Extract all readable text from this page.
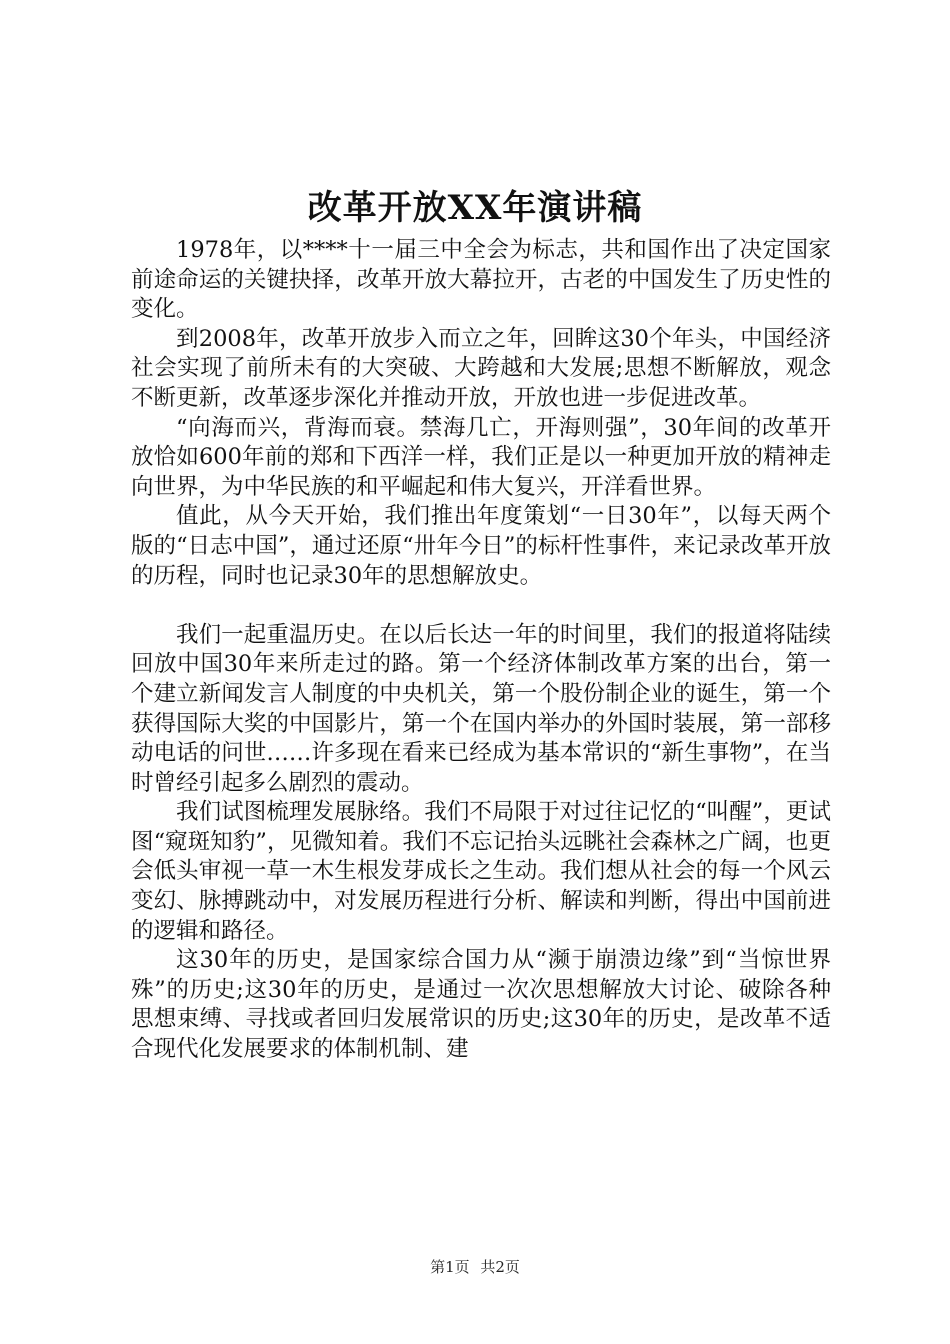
改革开放XX年演讲稿

1978年，以****十一届三中全会为标志，共和国作出了决定国家前途命运的关键抉择，改革开放大幕拉开，古老的中国发生了历史性的变化。

到2008年，改革开放步入而立之年，回眸这30个年头，中国经济社会实现了前所未有的大突破、大跨越和大发展;思想不断解放，观念不断更新，改革逐步深化并推动开放，开放也进一步促进改革。

“向海而兴，背海而衰。禁海几亡，开海则强”，30年间的改革开放恰如600年前的郑和下西洋一样，我们正是以一种更加开放的精神走向世界，为中华民族的和平崛起和伟大复兴，开洋看世界。

值此，从今天开始，我们推出年度策划“一日30年”，以每天两个版的“日志中国”，通过还原“卅年今日”的标杆性事件，来记录改革开放的历程，同时也记录30年的思想解放史。

我们一起重温历史。在以后长达一年的时间里，我们的报道将陆续回放中国30年来所走过的路。第一个经济体制改革方案的出台，第一个建立新闻发言人制度的中央机关，第一个股份制企业的诞生，第一个获得国际大奖的中国影片，第一个在国内举办的外国时装展，第一部移动电话的问世……许多现在看来已经成为基本常识的“新生事物”，在当时曾经引起多么剧烈的震动。

我们试图梳理发展脉络。我们不局限于对过往记忆的“叫醒”，更试图“窥斑知豹”，见微知着。我们不忘记抬头远眺社会森林之广阔，也更会低头审视一草一木生根发芽成长之生动。我们想从社会的每一个风云变幻、脉搏跳动中，对发展历程进行分析、解读和判断，得出中国前进的逻辑和路径。

这30年的历史，是国家综合国力从“濒于崩溃边缘”到“当惊世界殊”的历史;这30年的历史，是通过一次次思想解放大讨论、破除各种思想束缚、寻找或者回归发展常识的历史;这30年的历史，是改革不适合现代化发展要求的体制机制、建

第1页 共2页
